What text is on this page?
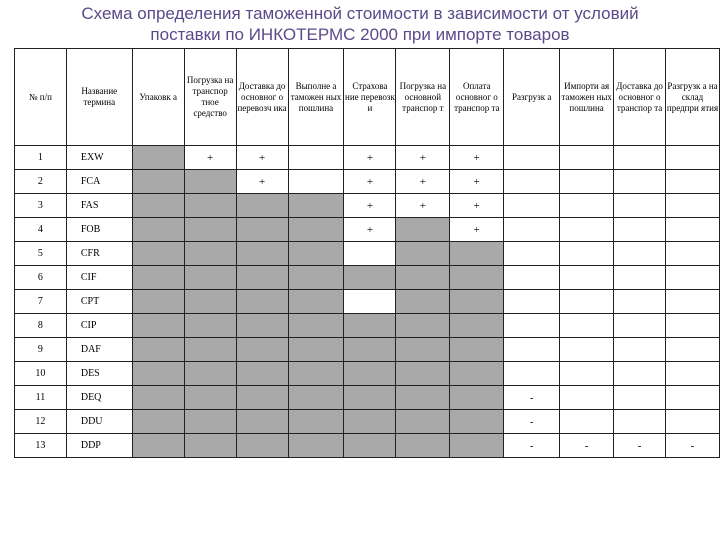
Схема определения таможенной стоимости в зависимости от условий
поставки по ИНКОТЕРМС 2000 при импорте товаров
№ п/п	Название термина	Упаковк а	Погрузка на транспор тное средство	Доставка до основног о перевозч ика	Выполне а таможен ных пошлина	Страхова ние перевозк и	Погрузка на основной транспор т	Оплата основног о транспор та	Разгрузк а	Импорти ая таможен ных пошлина	Доставка до основног о транспор та	Разгрузк а на склад предпри ятия
1	EXW		+	+		+	+	+				
2	FCA			+		+	+	+				
3	FAS					+	+	+				
4	FOB					+		+				
5	CFR											
6	CIF											
7	CPT											
8	CIP											
9	DAF											
10	DES											
11	DEQ								-			
12	DDU								-			
13	DDP								-	-	-	-
